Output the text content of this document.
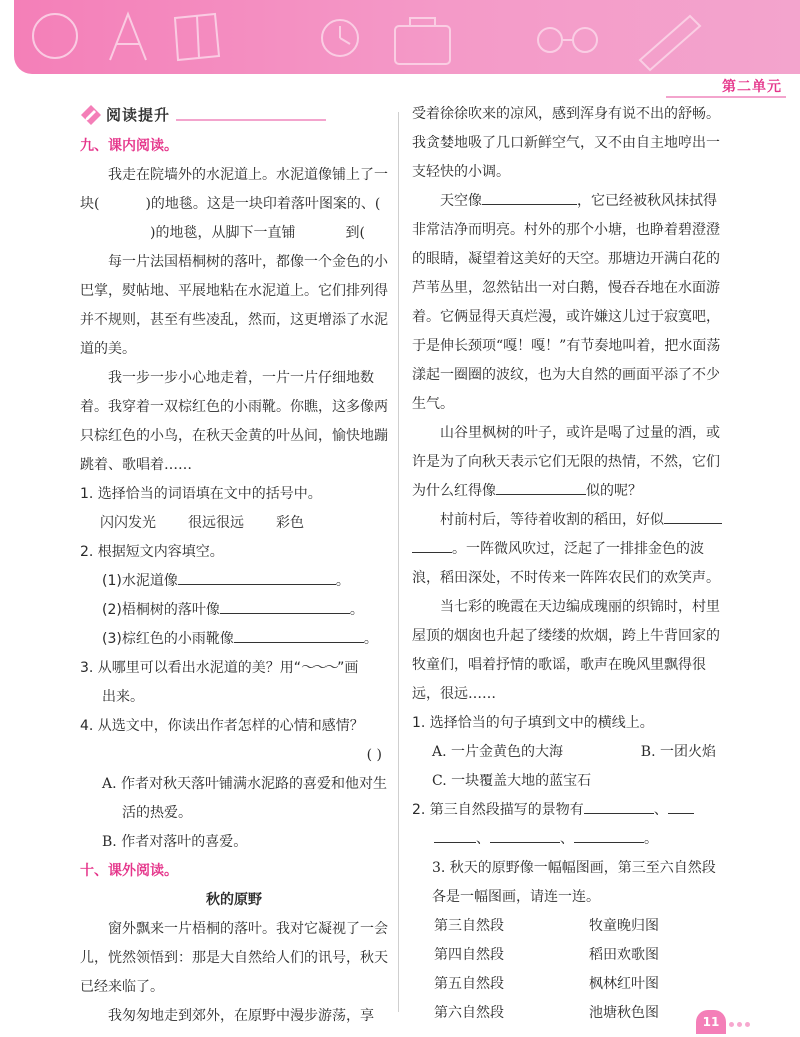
第二单元
阅读提升
九、课内阅读。
我走在院墙外的水泥道上。水泥道像铺上了一块(	)的地毯。这是一块印着落叶图案的、()的地毯，从脚下一直铺	到(
每一片法国梧桐树的落叶，都像一个金色的小巴掌，熨帖地、平展地粘在水泥道上。它们排列得并不规则，甚至有些凌乱，然而，这更增添了水泥道的美。
我一步一步小心地走着，一片一片仔细地数着。我穿着一双棕红色的小雨靴。你瞧，这多像两只棕红色的小鸟，在秋天金黄的叶丛间，愉快地蹦跳着、歌唱着……
1. 选择恰当的词语填在文中的括号中。
闪闪发光 很远很远 彩色
2. 根据短文内容填空。
(1)水泥道像	。
(2)梧桐树的落叶像	。
(3)棕红色的小雨靴像	。
3. 从哪里可以看出水泥道的美？用“～～～”画
出来。
4. 从选文中，你读出作者怎样的心情和感情？
( )
A. 作者对秋天落叶铺满水泥路的喜爱和他对生活的热爱。
B. 作者对落叶的喜爱。
十、课外阅读。
秋的原野
窗外飘来一片梧桐的落叶。我对它凝视了一会儿，恍然领悟到：那是大自然给人们的讯号，秋天已经来临了。
我匆匆地走到郊外，在原野中漫步游荡，享
受着徐徐吹来的凉风，感到浑身有说不出的舒畅。我贪婪地吸了几口新鲜空气，又不由自主地哼出一支轻快的小调。
天空像	，它已经被秋风抹拭得非常洁净而明亮。村外的那个小塘，也睁着碧澄澄的眼睛，凝望着这美好的天空。那塘边开满白花的芦苇丛里，忽然钻出一对白鹅，慢吞吞地在水面游着。它俩显得天真烂漫，或许嫌这儿过于寂寞吧，于是伸长颈项“嘎！嘎！”有节奏地叫着，把水面荡漾起一圈圈的波纹，也为大自然的画面平添了不少生气。
山谷里枫树的叶子，或许是喝了过量的酒，或许是为了向秋天表示它们无限的热情，不然，它们为什么红得像	似的呢？
村前村后，等待着收割的稻田，好似。一阵微风吹过，泛起了一排排金色的波浪，稻田深处，不时传来一阵阵农民们的欢笑声。
当七彩的晚霞在天边编成瑰丽的织锦时，村里屋顶的烟囱也升起了缕缕的炊烟，跨上牛背回家的牧童们，唱着抒情的歌谣，歌声在晚风里飘得很远，很远……
1. 选择恰当的句子填到文中的横线上。
A. 一片金黄色的大海	B. 一团火焰
C. 一块覆盖大地的蓝宝石
2. 第三自然段描写的景物有	、
、	、	。
3. 秋天的原野像一幅幅图画，第三至六自然段各是一幅图画，请连一连。
第三自然段	牧童晚归图
第四自然段	稻田欢歌图
第五自然段	枫林红叶图
第六自然段	池塘秋色图
11
